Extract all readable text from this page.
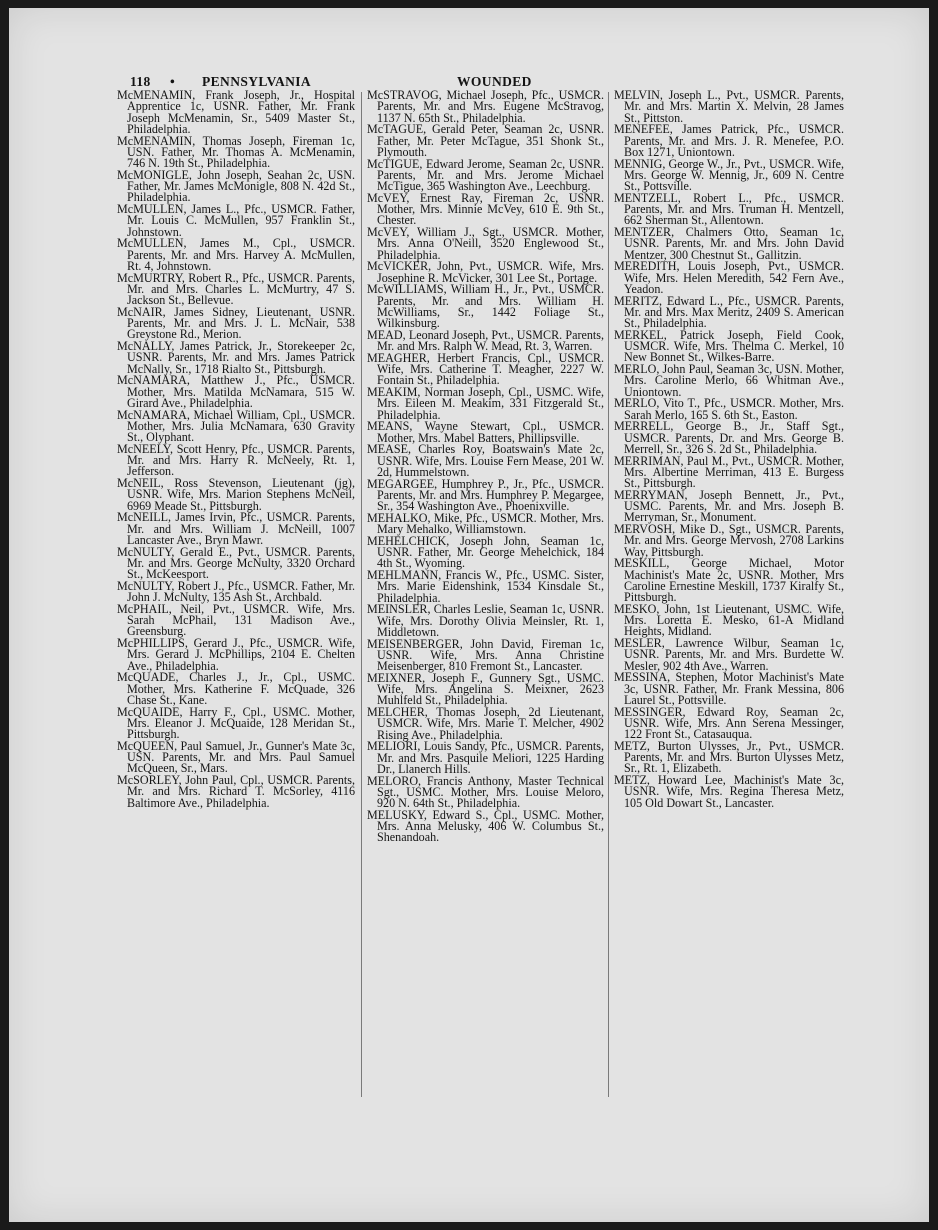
118 • PENNSYLVANIA	WOUNDED
McMENAMIN, Frank Joseph, Jr., Hospital Apprentice 1c, USNR. Father, Mr. Frank Joseph McMenamin, Sr., 5409 Master St., Philadelphia.
McMENAMIN, Thomas Joseph, Fireman 1c, USN. Father, Mr. Thomas A. McMenamin, 746 N. 19th St., Philadelphia.
McMONIGLE, John Joseph, Seahan 2c, USN. Father, Mr. James McMonigle, 808 N. 42d St., Philadelphia.
McMULLEN, James L., Pfc., USMCR. Father, Mr. Louis C. McMullen, 957 Franklin St., Johnstown.
McMULLEN, James M., Cpl., USMCR. Parents, Mr. and Mrs. Harvey A. McMullen, Rt. 4, Johnstown.
McMURTRY, Robert R., Pfc., USMCR. Parents, Mr. and Mrs. Charles L. McMurtry, 47 S. Jackson St., Bellevue.
McNAIR, James Sidney, Lieutenant, USNR. Parents, Mr. and Mrs. J. L. McNair, 538 Greystone Rd., Merion.
McNALLY, James Patrick, Jr., Storekeeper 2c, USNR. Parents, Mr. and Mrs. James Patrick McNally, Sr., 1718 Rialto St., Pittsburgh.
McNAMARA, Matthew J., Pfc., USMCR. Mother, Mrs. Matilda McNamara, 515 W. Girard Ave., Philadelphia.
McNAMARA, Michael William, Cpl., USMCR. Mother, Mrs. Julia McNamara, 630 Gravity St., Olyphant.
McNEELY, Scott Henry, Pfc., USMCR. Parents, Mr. and Mrs. Harry R. McNeely, Rt. 1, Jefferson.
McNEIL, Ross Stevenson, Lieutenant (jg), USNR. Wife, Mrs. Marion Stephens McNeil, 6969 Meade St., Pittsburgh.
McNEILL, James Irvin, Pfc., USMCR. Parents, Mr. and Mrs. William J. McNeill, 1007 Lancaster Ave., Bryn Mawr.
McNULTY, Gerald E., Pvt., USMCR. Parents, Mr. and Mrs. George McNulty, 3320 Orchard St., McKeesport.
McNULTY, Robert J., Pfc., USMCR. Father, Mr. John J. McNulty, 135 Ash St., Archbald.
McPHAIL, Neil, Pvt., USMCR. Wife, Mrs. Sarah McPhail, 131 Madison Ave., Greensburg.
McPHILLIPS, Gerard J., Pfc., USMCR. Wife, Mrs. Gerard J. McPhillips, 2104 E. Chelten Ave., Philadelphia.
McQUADE, Charles J., Jr., Cpl., USMC. Mother, Mrs. Katherine F. McQuade, 326 Chase St., Kane.
McQUAIDE, Harry F., Cpl., USMC. Mother, Mrs. Eleanor J. McQuaide, 128 Meridan St., Pittsburgh.
McQUEEN, Paul Samuel, Jr., Gunner's Mate 3c, USN. Parents, Mr. and Mrs. Paul Samuel McQueen, Sr., Mars.
McSORLEY, John Paul, Cpl., USMCR. Parents, Mr. and Mrs. Richard T. McSorley, 4116 Baltimore Ave., Philadelphia.
McSTRAVOG, Michael Joseph, Pfc., USMCR. Parents, Mr. and Mrs. Eugene McStravog, 1137 N. 65th St., Philadelphia.
McTAGUE, Gerald Peter, Seaman 2c, USNR. Father, Mr. Peter McTague, 351 Shonk St., Plymouth.
McTIGUE, Edward Jerome, Seaman 2c, USNR. Parents, Mr. and Mrs. Jerome Michael McTigue, 365 Washington Ave., Leechburg.
McVEY, Ernest Ray, Fireman 2c, USNR. Mother, Mrs. Minnie McVey, 610 E. 9th St., Chester.
McVEY, William J., Sgt., USMCR. Mother, Mrs. Anna O'Neill, 3520 Englewood St., Philadelphia.
McVICKER, John, Pvt., USMCR. Wife, Mrs. Josephine R. McVicker, 301 Lee St., Portage.
McWILLIAMS, William H., Jr., Pvt., USMCR. Parents, Mr. and Mrs. William H. McWilliams, Sr., 1442 Foliage St., Wilkinsburg.
MEAD, Leonard Joseph, Pvt., USMCR. Parents, Mr. and Mrs. Ralph W. Mead, Rt. 3, Warren.
MEAGHER, Herbert Francis, Cpl., USMCR. Wife, Mrs. Catherine T. Meagher, 2227 W. Fontain St., Philadelphia.
MEAKIM, Norman Joseph, Cpl., USMC. Wife, Mrs. Eileen M. Meakim, 331 Fitzgerald St., Philadelphia.
MEANS, Wayne Stewart, Cpl., USMCR. Mother, Mrs. Mabel Batters, Phillipsville.
MEASE, Charles Roy, Boatswain's Mate 2c, USNR. Wife, Mrs. Louise Fern Mease, 201 W. 2d, Hummelstown.
MEGARGEE, Humphrey P., Jr., Pfc., USMCR. Parents, Mr. and Mrs. Humphrey P. Megargee, Sr., 354 Washington Ave., Phoenixville.
MEHALKO, Mike, Pfc., USMCR. Mother, Mrs. Mary Mehalko, Williamstown.
MEHELCHICK, Joseph John, Seaman 1c, USNR. Father, Mr. George Mehelchick, 184 4th St., Wyoming.
MEHLMANN, Francis W., Pfc., USMC. Sister, Mrs. Marie Eidenshink, 1534 Kinsdale St., Philadelphia.
MEINSLER, Charles Leslie, Seaman 1c, USNR. Wife, Mrs. Dorothy Olivia Meinsler, Rt. 1, Middletown.
MEISENBERGER, John David, Fireman 1c, USNR. Wife, Mrs. Anna Christine Meisenberger, 810 Fremont St., Lancaster.
MEIXNER, Joseph F., Gunnery Sgt., USMC. Wife, Mrs. Angelina S. Meixner, 2623 Muhlfeld St., Philadelphia.
MELCHER, Thomas Joseph, 2d Lieutenant, USMCR. Wife, Mrs. Marie T. Melcher, 4902 Rising Ave., Philadelphia.
MELIORI, Louis Sandy, Pfc., USMCR. Parents, Mr. and Mrs. Pasquile Meliori, 1225 Harding Dr., Llanerch Hills.
MELORO, Francis Anthony, Master Technical Sgt., USMC. Mother, Mrs. Louise Meloro, 920 N. 64th St., Philadelphia.
MELUSKY, Edward S., Cpl., USMC. Mother, Mrs. Anna Melusky, 406 W. Columbus St., Shenandoah.
MELVIN, Joseph L., Pvt., USMCR. Parents, Mr. and Mrs. Martin X. Melvin, 28 James St., Pittston.
MENEFEE, James Patrick, Pfc., USMCR. Parents, Mr. and Mrs. J. R. Menefee, P.O. Box 1271, Uniontown.
MENNIG, George W., Jr., Pvt., USMCR. Wife, Mrs. George W. Mennig, Jr., 609 N. Centre St., Pottsville.
MENTZELL, Robert L., Pfc., USMCR. Parents, Mr. and Mrs. Truman H. Mentzell, 662 Sherman St., Allentown.
MENTZER, Chalmers Otto, Seaman 1c, USNR. Parents, Mr. and Mrs. John David Mentzer, 300 Chestnut St., Gallitzin.
MEREDITH, Louis Joseph, Pvt., USMCR. Wife, Mrs. Helen Meredith, 542 Fern Ave., Yeadon.
MERITZ, Edward L., Pfc., USMCR. Parents, Mr. and Mrs. Max Meritz, 2409 S. American St., Philadelphia.
MERKEL, Patrick Joseph, Field Cook, USMCR. Wife, Mrs. Thelma C. Merkel, 10 New Bonnet St., Wilkes-Barre.
MERLO, John Paul, Seaman 3c, USN. Mother, Mrs. Caroline Merlo, 66 Whitman Ave., Uniontown.
MERLO, Vito T., Pfc., USMCR. Mother, Mrs. Sarah Merlo, 165 S. 6th St., Easton.
MERRELL, George B., Jr., Staff Sgt., USMCR. Parents, Dr. and Mrs. George B. Merrell, Sr., 326 S. 2d St., Philadelphia.
MERRIMAN, Paul M., Pvt., USMCR. Mother, Mrs. Albertine Merriman, 413 E. Burgess St., Pittsburgh.
MERRYMAN, Joseph Bennett, Jr., Pvt., USMC. Parents, Mr. and Mrs. Joseph B. Merryman, Sr., Monument.
MERVOSH, Mike D., Sgt., USMCR. Parents, Mr. and Mrs. George Mervosh, 2708 Larkins Way, Pittsburgh.
MESKILL, George Michael, Motor Machinist's Mate 2c, USNR. Mother, Mrs Caroline Ernestine Meskill, 1737 Kiralfy St., Pittsburgh.
MESKO, John, 1st Lieutenant, USMC. Wife, Mrs. Loretta E. Mesko, 61-A Midland Heights, Midland.
MESLER, Lawrence Wilbur, Seaman 1c, USNR. Parents, Mr. and Mrs. Burdette W. Mesler, 902 4th Ave., Warren.
MESSINA, Stephen, Motor Machinist's Mate 3c, USNR. Father, Mr. Frank Messina, 806 Laurel St., Pottsville.
MESSINGER, Edward Roy, Seaman 2c, USNR. Wife, Mrs. Ann Serena Messinger, 122 Front St., Catasauqua.
METZ, Burton Ulysses, Jr., Pvt., USMCR. Parents, Mr. and Mrs. Burton Ulysses Metz, Sr., Rt. 1, Elizabeth.
METZ, Howard Lee, Machinist's Mate 3c, USNR. Wife, Mrs. Regina Theresa Metz, 105 Old Dowart St., Lancaster.
